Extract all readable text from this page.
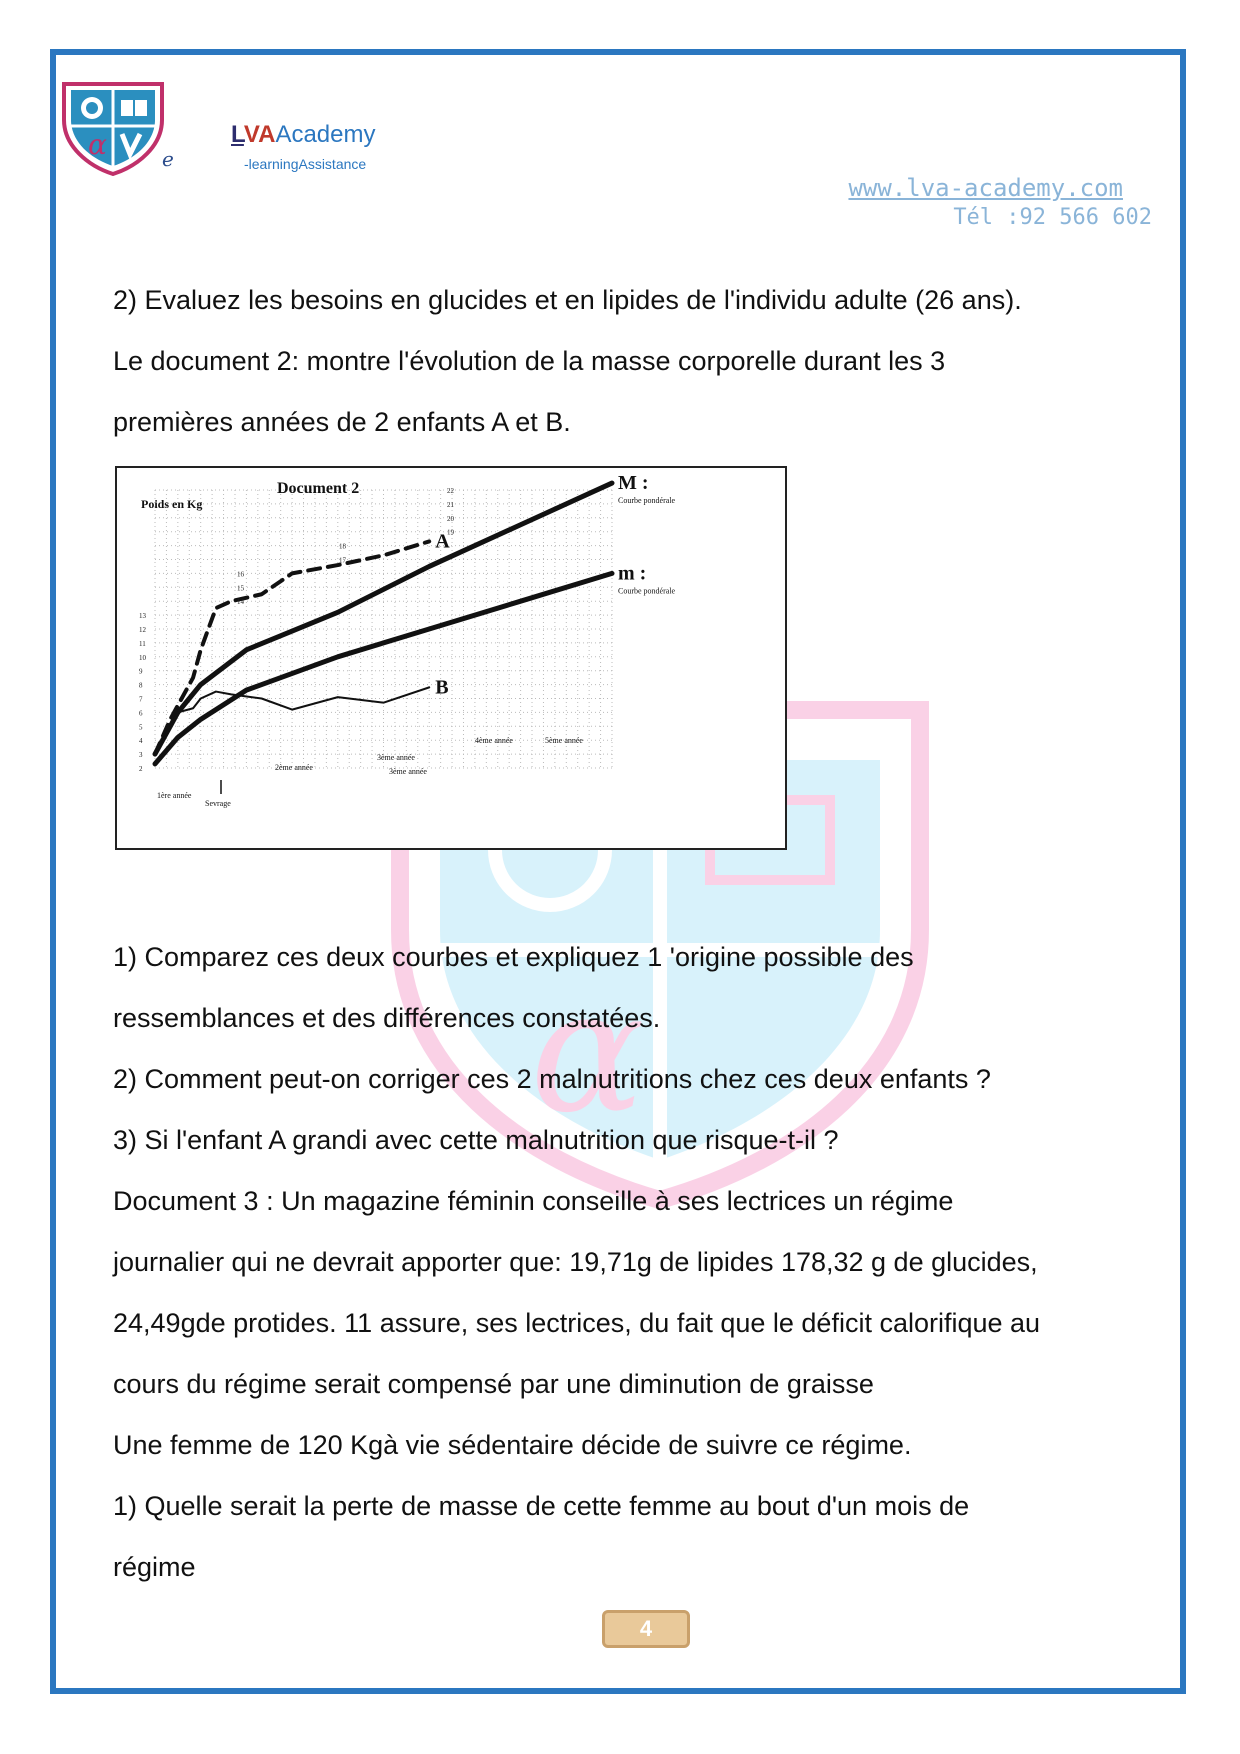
α	e
LVAAcademy
-learningAssistance
www.lva-academy.com
Tél :92 566 602
α
2) Evaluez les besoins en glucides et en lipides de l'individu adulte (26 ans).
Le document 2: montre l'évolution de la masse corporelle durant les 3
premières années de 2 enfants A et B.
2
3
4
5
6
7
8
9
10
11
12
13
14
15
16
17
18
19
20
21
22
Document 2
Poids en Kg
M :
Courbe pondérale
m :
Courbe pondérale
A
B
1ère année
Sevrage
2ème année
3ème année
3ème année
4ème année	5ème année
1) Comparez ces deux courbes et expliquez 1 'origine possible des
ressemblances et des différences constatées.
2) Comment peut-on corriger ces 2 malnutritions chez ces deux enfants ?
3) Si l'enfant A grandi avec cette malnutrition que risque-t-il ?
Document 3 : Un magazine féminin conseille à ses lectrices un régime
journalier qui ne devrait apporter que: 19,71g de lipides 178,32 g de glucides,
24,49gde protides. 11 assure, ses lectrices, du fait que le déficit calorifique au
cours du régime serait compensé par une diminution de graisse
Une femme de 120 Kgà vie sédentaire décide de suivre ce régime.
1) Quelle serait la perte de masse de cette femme au bout d'un mois de
régime
4
